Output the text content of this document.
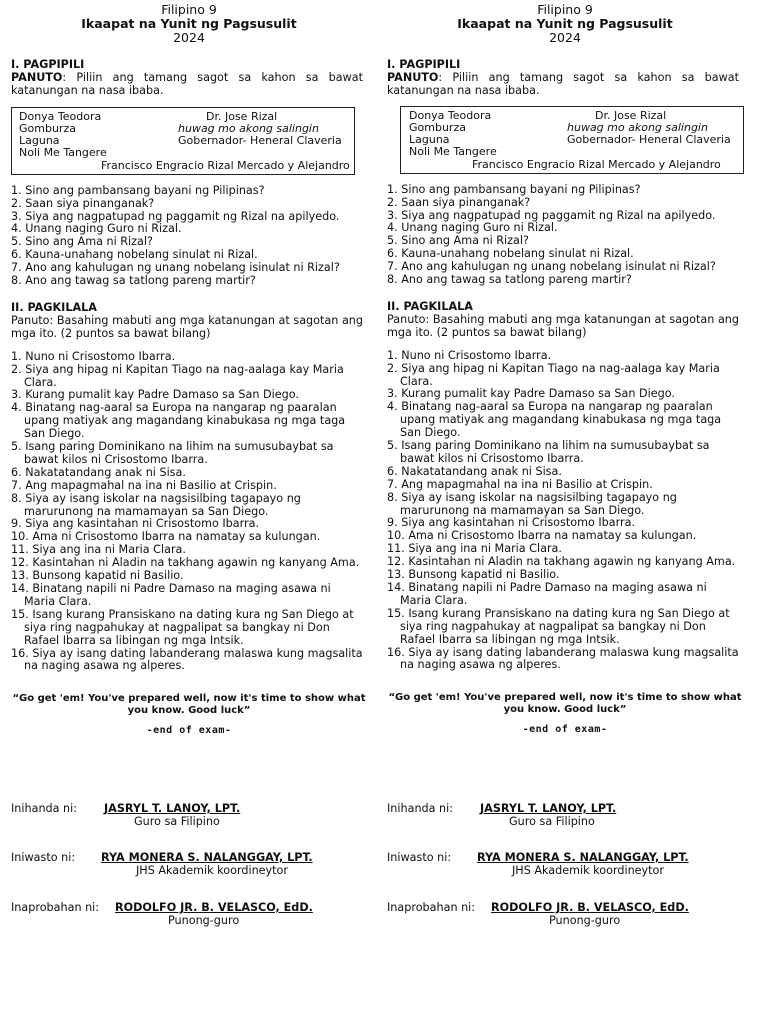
Filipino 9
Ikaapat na Yunit ng Pagsusulit
2024
I. PAGPIPILI
PANUTO: Piliin ang tamang sagot sa kahon sa bawat katanungan na nasa ibaba.
Donya Teodora	Dr. Jose Rizal
Gomburza	huwag mo akong salingin
Laguna	Gobernador- Heneral Claveria
Noli Me Tangere
Francisco Engracio Rizal Mercado y Alejandro
1. Sino ang pambansang bayani ng Pilipinas?
2. Saan siya pinanganak?
3. Siya ang nagpatupad ng paggamit ng Rizal na apilyedo.
4. Unang naging Guro ni Rizal.
5. Sino ang Ama ni Rizal?
6. Kauna-unahang nobelang sinulat ni Rizal.
7. Ano ang kahulugan ng unang nobelang isinulat ni Rizal?
8. Ano ang tawag sa tatlong pareng martir?
II. PAGKILALA
Panuto: Basahing mabuti ang mga katanungan at sagotan ang mga ito. (2 puntos sa bawat bilang)
1. Nuno ni Crisostomo Ibarra.
2. Siya ang hipag ni Kapitan Tiago na nag-aalaga kay Maria Clara.
3. Kurang pumalit kay Padre Damaso sa San Diego.
4. Binatang nag-aaral sa Europa na nangarap ng paaralan upang matiyak ang magandang kinabukasa ng mga taga San Diego.
5. Isang paring Dominikano na lihim na sumusubaybat sa bawat kilos ni Crisostomo Ibarra.
6. Nakatatandang anak ni Sisa.
7. Ang mapagmahal na ina ni Basilio at Crispin.
8. Siya ay isang iskolar na nagsisilbing tagapayo ng marurunong na mamamayan sa San Diego.
9. Siya ang kasintahan ni Crisostomo Ibarra.
10. Ama ni Crisostomo Ibarra na namatay sa kulungan.
11. Siya ang ina ni Maria Clara.
12. Kasintahan ni Aladin na takhang agawin ng kanyang Ama.
13. Bunsong kapatid ni Basilio.
14. Binatang napili ni Padre Damaso na maging asawa ni Maria Clara.
15. Isang kurang Pransiskano na dating kura ng San Diego at siya ring nagpahukay at nagpalipat sa bangkay ni Don Rafael Ibarra sa libingan ng mga Intsik.
16. Siya ay isang dating labanderang malaswa kung magsalita na naging asawa ng alperes.
“Go get 'em! You've prepared well, now it's time to show what you know. Good luck”
-end of exam-
Inihanda ni: JASRYL T. LANOY, LPT.
Guro sa Filipino
Iniwasto ni: RYA MONERA S. NALANGGAY, LPT.
JHS Akademik koordineytor
Inaprobahan ni: RODOLFO JR. B. VELASCO, EdD.
Punong-guro
Filipino 9
Ikaapat na Yunit ng Pagsusulit
2024
I. PAGPIPILI
PANUTO: Piliin ang tamang sagot sa kahon sa bawat katanungan na nasa ibaba.
Donya Teodora	Dr. Jose Rizal
Gomburza	huwag mo akong salingin
Laguna	Gobernador- Heneral Claveria
Noli Me Tangere
Francisco Engracio Rizal Mercado y Alejandro
1. Sino ang pambansang bayani ng Pilipinas?
2. Saan siya pinanganak?
3. Siya ang nagpatupad ng paggamit ng Rizal na apilyedo.
4. Unang naging Guro ni Rizal.
5. Sino ang Ama ni Rizal?
6. Kauna-unahang nobelang sinulat ni Rizal.
7. Ano ang kahulugan ng unang nobelang isinulat ni Rizal?
8. Ano ang tawag sa tatlong pareng martir?
II. PAGKILALA
Panuto: Basahing mabuti ang mga katanungan at sagotan ang mga ito. (2 puntos sa bawat bilang)
1. Nuno ni Crisostomo Ibarra.
2. Siya ang hipag ni Kapitan Tiago na nag-aalaga kay Maria Clara.
3. Kurang pumalit kay Padre Damaso sa San Diego.
4. Binatang nag-aaral sa Europa na nangarap ng paaralan upang matiyak ang magandang kinabukasa ng mga taga San Diego.
5. Isang paring Dominikano na lihim na sumusubaybat sa bawat kilos ni Crisostomo Ibarra.
6. Nakatatandang anak ni Sisa.
7. Ang mapagmahal na ina ni Basilio at Crispin.
8. Siya ay isang iskolar na nagsisilbing tagapayo ng marurunong na mamamayan sa San Diego.
9. Siya ang kasintahan ni Crisostomo Ibarra.
10. Ama ni Crisostomo Ibarra na namatay sa kulungan.
11. Siya ang ina ni Maria Clara.
12. Kasintahan ni Aladin na takhang agawin ng kanyang Ama.
13. Bunsong kapatid ni Basilio.
14. Binatang napili ni Padre Damaso na maging asawa ni Maria Clara.
15. Isang kurang Pransiskano na dating kura ng San Diego at siya ring nagpahukay at nagpalipat sa bangkay ni Don Rafael Ibarra sa libingan ng mga Intsik.
16. Siya ay isang dating labanderang malaswa kung magsalita na naging asawa ng alperes.
“Go get 'em! You've prepared well, now it's time to show what you know. Good luck”
-end of exam-
Inihanda ni: JASRYL T. LANOY, LPT.
Guro sa Filipino
Iniwasto ni: RYA MONERA S. NALANGGAY, LPT.
JHS Akademik koordineytor
Inaprobahan ni: RODOLFO JR. B. VELASCO, EdD.
Punong-guro
